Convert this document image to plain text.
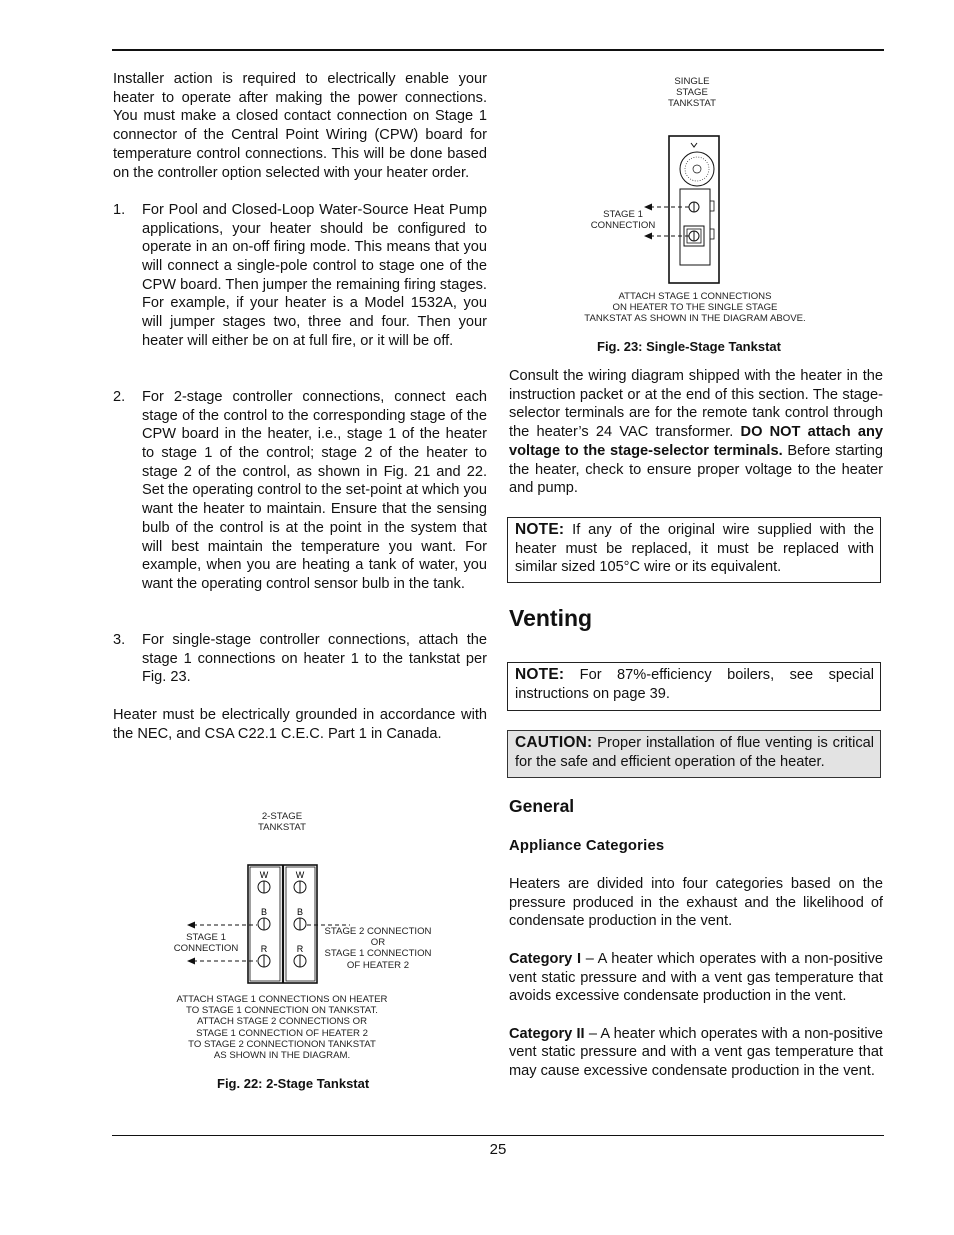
Installer action is required to electrically enable your heater to operate after making the power connections. You must make a closed contact connection on Stage 1 connector of the Central Point Wiring (CPW) board for temperature control connections. This will be done based on the controller option selected with your heater order.

1. For Pool and Closed-Loop Water-Source Heat Pump applications, your heater should be configured to operate in an on-off firing mode. This means that you will connect a single-pole control to stage one of the CPW board. Then jumper the remaining firing stages. For example, if your heater is a Model 1532A, you will jumper stages two, three and four. Then your heater will either be on at full fire, or it will be off.
2. For 2-stage controller connections, connect each stage of the control to the corresponding stage of the CPW board in the heater, i.e., stage 1 of the heater to stage 1 of the control; stage 2 of the heater to stage 2 of the control, as shown in Fig. 21 and 22. Set the operating control to the set-point at which you want the heater to maintain. Ensure that the sensing bulb of the control is at the point in the system that will best maintain the temperature you want. For example, when you are heating a tank of water, you want the operating control sensor bulb in the tank.
3. For single-stage controller connections, attach the stage 1 connections on heater 1 to the tankstat per Fig. 23.

Heater must be electrically grounded in accordance with the NEC, and CSA C22.1 C.E.C. Part 1 in Canada.

2-STAGE
TANKSTAT
W	W
B	B
R	R
STAGE 1
CONNECTION
STAGE 2 CONNECTION OR
STAGE 1 CONNECTION
OF HEATER 2
ATTACH STAGE 1 CONNECTIONS ON HEATER
TO STAGE 1 CONNECTION ON TANKSTAT.
ATTACH STAGE 2 CONNECTIONS OR
STAGE 1 CONNECTION OF HEATER 2
TO STAGE 2 CONNECTIONON TANKSTAT
AS SHOWN IN THE DIAGRAM.
Fig. 22: 2-Stage Tankstat
SINGLE
STAGE
TANKSTAT
STAGE 1
CONNECTION
ATTACH STAGE 1 CONNECTIONS
ON HEATER TO THE SINGLE STAGE
TANKSTAT AS SHOWN IN THE DIAGRAM ABOVE.
Fig. 23: Single-Stage Tankstat

Consult the wiring diagram shipped with the heater in the instruction packet or at the end of this section. The stage-selector terminals are for the remote tank control through the heater’s 24 VAC transformer. DO NOT attach any voltage to the stage-selector terminals. Before starting the heater, check to ensure proper voltage to the heater and pump.

NOTE: If any of the original wire supplied with the heater must be replaced, it must be replaced with similar sized 105°C wire or its equivalent.
Venting
NOTE: For 87%-efficiency boilers, see special instructions on page 39.
CAUTION: Proper installation of flue venting is critical for the safe and efficient operation of the heater.
General
Appliance Categories

Heaters are divided into four categories based on the pressure produced in the exhaust and the likelihood of condensate production in the vent.

Category I – A heater which operates with a non-positive vent static pressure and with a vent gas temperature that avoids excessive condensate production in the vent.

Category II – A heater which operates with a non-positive vent static pressure and with a vent gas temperature that may cause excessive condensate production in the vent.

25
